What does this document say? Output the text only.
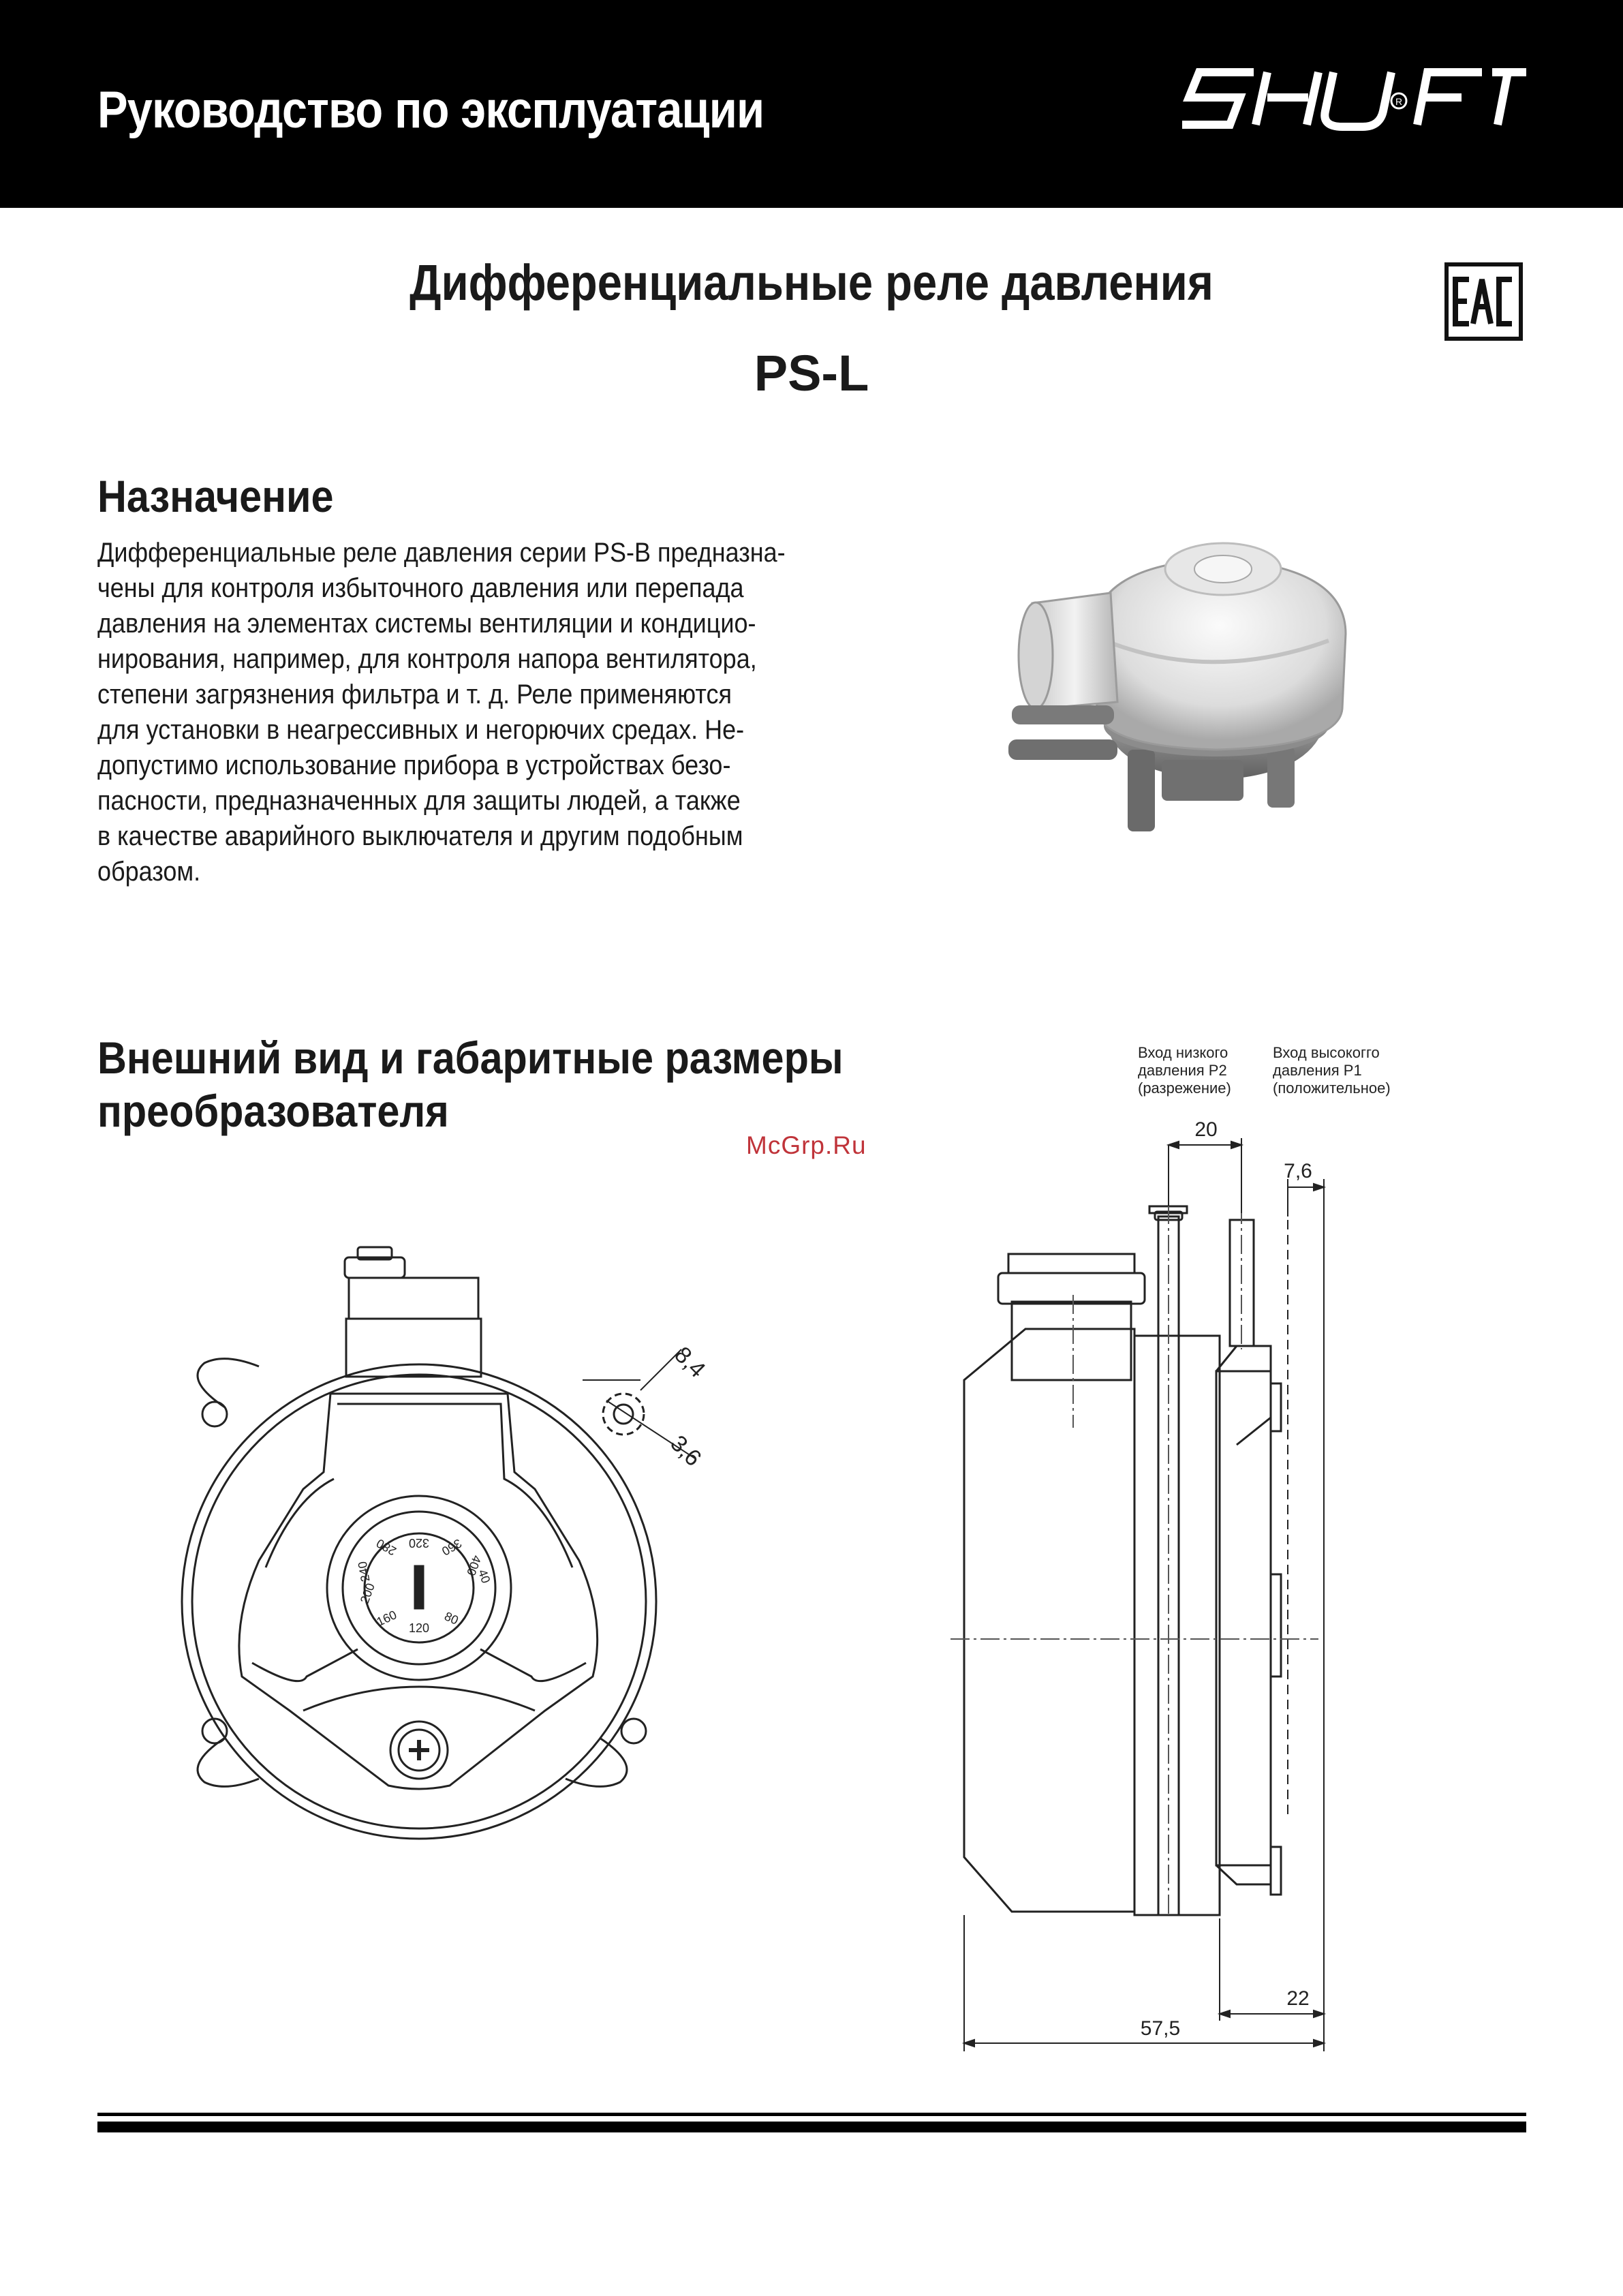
Руководство по эксплуатации	R
Дифференциальные реле давления
PS-L
Назначение
Дифференциальные реле давления серии PS-B предназна-
чены для контроля избыточного давления или перепада
давления на элементах системы вентиляции и кондицио-
нирования, например, для контроля напора вентилятора,
степени загрязнения фильтра и т. д. Реле применяются
для установки в неагрессивных и негорючих средах. Не-
допустимо использование прибора в устройствах безо-
пасности, предназначенных для защиты людей, а также
в качестве аварийного выключателя и другим подобным
образом.
Внешний вид и габаритные размеры
преобразователя
McGrp.Ru
Вход низкого
давления P2
(разрежение)
Вход высокогго
давления P1
(положительное)
40
80
120
160
200
240
280 320 360
400
8,4
3,6
20
7,6
22
57,5
